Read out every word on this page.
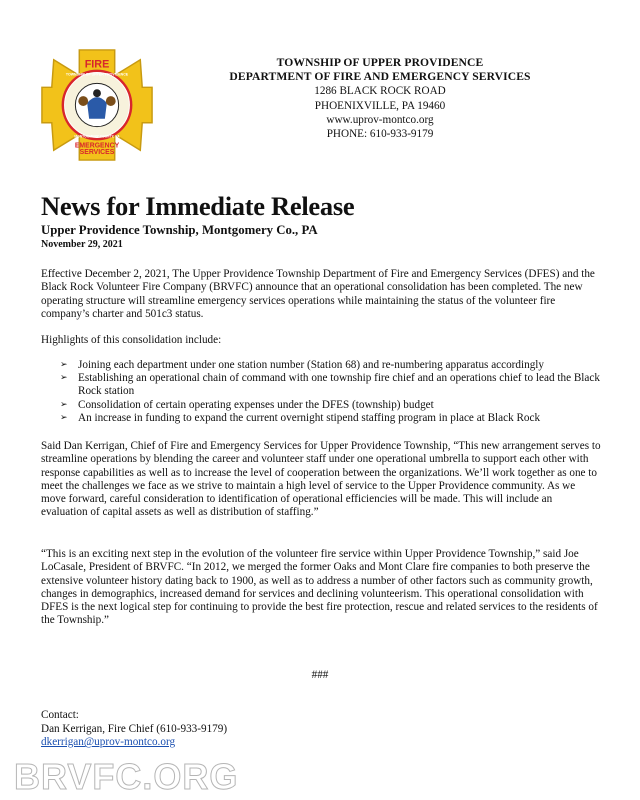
FIRE
TOWNSHIP OF UPPER PROVIDENCE
MONTGOMERY COUNTY, PA
EMERGENCY
SERVICES
TOWNSHIP OF UPPER PROVIDENCE
DEPARTMENT OF FIRE AND EMERGENCY SERVICES
1286 BLACK ROCK ROAD
PHOENIXVILLE, PA 19460
www.uprov-montco.org
PHONE: 610-933-9179
News for Immediate Release
Upper Providence Township, Montgomery Co., PA
November 29, 2021

Effective December 2, 2021, The Upper Providence Township Department of Fire and Emergency Services (DFES) and the Black Rock Volunteer Fire Company (BRVFC) announce that an operational consolidation has been completed. The new operating structure will streamline emergency services operations while maintaining the status of the volunteer fire company’s charter and 501c3 status.

Highlights of this consolidation include:

➢ Joining each department under one station number (Station 68) and re-numbering apparatus accordingly
➢ Establishing an operational chain of command with one township fire chief and an operations chief to lead the Black Rock station
➢ Consolidation of certain operating expenses under the DFES (township) budget
➢ An increase in funding to expand the current overnight stipend staffing program in place at Black Rock

Said Dan Kerrigan, Chief of Fire and Emergency Services for Upper Providence Township, “This new arrangement serves to streamline operations by blending the career and volunteer staff under one operational umbrella to support each other with response capabilities as well as to increase the level of cooperation between the organizations. We’ll work together as one to meet the challenges we face as we strive to maintain a high level of service to the Upper Providence community. As we move forward, careful consideration to identification of operational efficiencies will be made. This will include an evaluation of capital assets as well as distribution of staffing.”

“This is an exciting next step in the evolution of the volunteer fire service within Upper Providence Township,” said Joe LoCasale, President of BRVFC. “In 2012, we merged the former Oaks and Mont Clare fire companies to both preserve the extensive volunteer history dating back to 1900, as well as to address a number of other factors such as community growth, changes in demographics, increased demand for services and declining volunteerism. This operational consolidation with DFES is the next logical step for continuing to provide the best fire protection, rescue and related services to the residents of the Township.”

###
Contact:
Dan Kerrigan, Fire Chief (610-933-9179)
dkerrigan@uprov-montco.org
BRVFC.ORG
